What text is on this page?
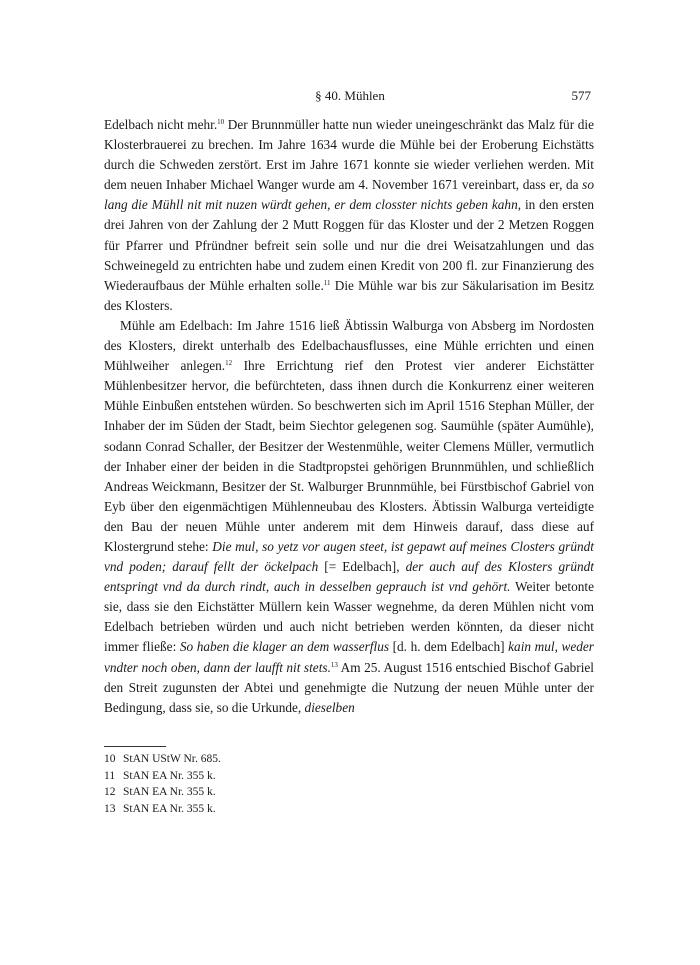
§ 40. Mühlen	577

Edelbach nicht mehr.$^{10}$ Der Brunnmüller hatte nun wieder uneingeschränkt das Malz für die Klosterbrauerei zu brechen. Im Jahre 1634 wurde die Mühle bei der Eroberung Eichstätts durch die Schweden zerstört. Erst im Jahre 1671 konnte sie wieder verliehen werden. Mit dem neuen Inhaber Michael Wanger wurde am 4. November 1671 vereinbart, dass er, da so lang die Mühll nit mit nuzen würdt gehen, er dem closster nichts geben kahn, in den ersten drei Jahren von der Zahlung der 2 Mutt Roggen für das Kloster und der 2 Metzen Roggen für Pfarrer und Pfründner befreit sein solle und nur die drei Weisatzahlungen und das Schweinegeld zu entrichten habe und zudem einen Kredit von 200 fl. zur Finanzierung des Wiederaufbaus der Mühle erhalten solle.$^{11}$ Die Mühle war bis zur Säkularisation im Besitz des Klosters.

Mühle am Edelbach: Im Jahre 1516 ließ Äbtissin Walburga von Absberg im Nordosten des Klosters, direkt unterhalb des Edelbachausflusses, eine Mühle errichten und einen Mühlweiher anlegen.$^{12}$ Ihre Errichtung rief den Protest vier anderer Eichstätter Mühlenbesitzer hervor, die befürchteten, dass ihnen durch die Konkurrenz einer weiteren Mühle Einbußen entstehen würden. So beschwerten sich im April 1516 Stephan Müller, der Inhaber der im Süden der Stadt, beim Siechtor gelegenen sog. Saumühle (später Aumühle), sodann Conrad Schaller, der Besitzer der Westenmühle, weiter Clemens Müller, vermutlich der Inhaber einer der beiden in die Stadtpropstei gehörigen Brunnmühlen, und schließlich Andreas Weickmann, Besitzer der St. Walburger Brunnmühle, bei Fürstbischof Gabriel von Eyb über den eigenmächtigen Mühlenneubau des Klosters. Äbtissin Walburga verteidigte den Bau der neuen Mühle unter anderem mit dem Hinweis darauf, dass diese auf Klostergrund stehe: Die mul, so yetz vor augen steet, ist gepawt auf meines Closters gründt vnd poden; darauf fellt der öckelpach [= Edelbach], der auch auf des Klosters gründt entspringt vnd da durch rindt, auch in desselben geprauch ist vnd gehört. Weiter betonte sie, dass sie den Eichstätter Müllern kein Wasser wegnehme, da deren Mühlen nicht vom Edelbach betrieben würden und auch nicht betrieben werden könnten, da dieser nicht immer fließe: So haben die klager an dem wasserflus [d. h. dem Edelbach] kain mul, weder vndter noch oben, dann der laufft nit stets.$^{13}$ Am 25. August 1516 entschied Bischof Gabriel den Streit zugunsten der Abtei und genehmigte die Nutzung der neuen Mühle unter der Bedingung, dass sie, so die Urkunde, dieselben

10 StAN UStW Nr. 685.
11 StAN EA Nr. 355 k.
12 StAN EA Nr. 355 k.
13 StAN EA Nr. 355 k.
